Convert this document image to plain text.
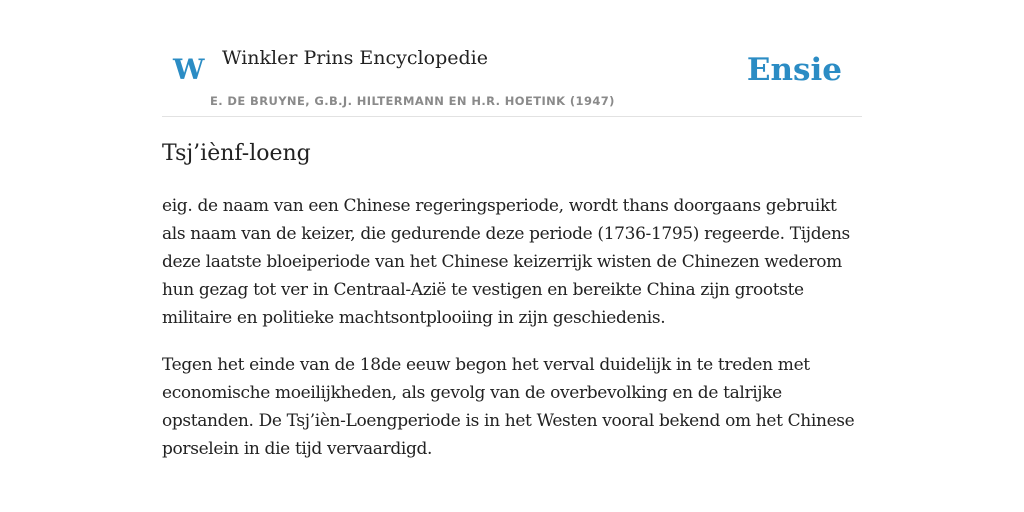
W Winkler Prins Encyclopedie
E. DE BRUYNE, G.B.J. HILTERMANN EN H.R. HOETINK (1947)
Ensie
Tsj’iènf-loeng

eig. de naam van een Chinese regeringsperiode, wordt thans doorgaans gebruikt als naam van de keizer, die gedurende deze periode (1736-1795) regeerde. Tijdens deze laatste bloeiperiode van het Chinese keizerrijk wisten de Chinezen wederom hun gezag tot ver in Centraal-Azië te vestigen en bereikte China zijn grootste militaire en politieke machtsontplooiing in zijn geschiedenis.

Tegen het einde van de 18de eeuw begon het verval duidelijk in te treden met economische moeilijkheden, als gevolg van de overbevolking en de talrijke opstanden. De Tsj’ièn-Loengperiode is in het Westen vooral bekend om het Chinese porselein in die tijd vervaardigd.
